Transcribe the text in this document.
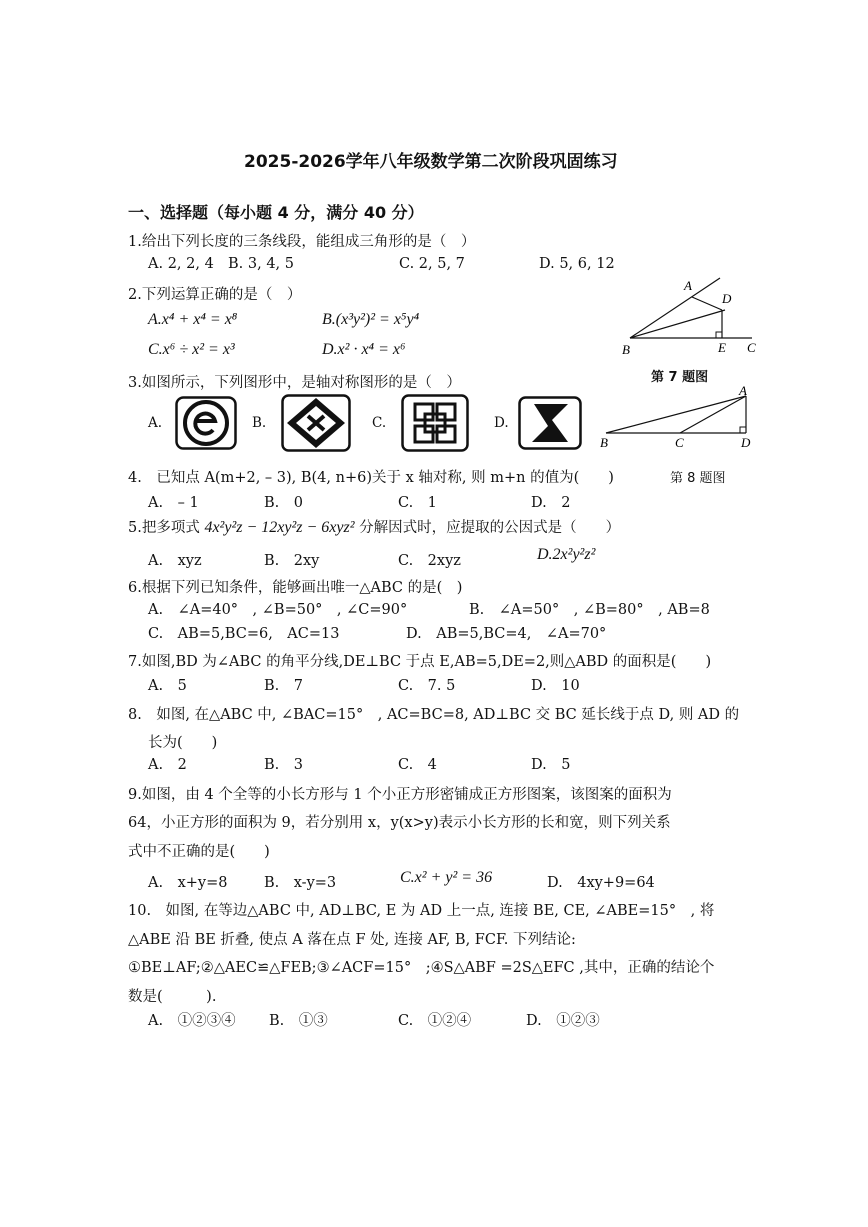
2025-2026学年八年级数学第二次阶段巩固练习
一、选择题（每小题 4 分，满分 40 分）
1.给出下列长度的三条线段，能组成三角形的是（　）
A. 2, 2, 4 B. 3, 4, 5	C. 2, 5, 7	D. 5, 6, 12
2.下列运算正确的是（　）
A.x⁴ + x⁴ = x⁸	B.(x³y²)² = x⁵y⁴
C.x⁶ ÷ x² = x³	D.x² · x⁴ = x⁶
A
D
B	E C
第 7 题图
3.如图所示，下列图形中，是轴对称图形的是（　）
A.	B.	C.	D.
A
B	C	D
4.　已知点 A(m+2, – 3), B(4, n+6)关于 x 轴对称, 则 m+n 的值为(　　)	第 8 题图
A.　– 1	B.　0	C.　1	D.　2
5.把多项式 4x²y²z − 12xy²z − 6xyz² 分解因式时，应提取的公因式是（　　）
A.　xyz	B.　2xy	C.　2xyz	D.2x²y²z²
6.根据下列已知条件，能够画出唯一△ABC 的是(　)
A.　∠A=40°　, ∠B=50°　, ∠C=90°	B.　∠A=50°　, ∠B=80°　, AB=8
C.　AB=5,BC=6,　AC=13	D.　AB=5,BC=4,　∠A=70°
7.如图,BD 为∠ABC 的角平分线,DE⊥BC 于点 E,AB=5,DE=2,则△ABD 的面积是(　　)
A.　5	B.　7	C.　7. 5	D.　10
8.　如图, 在△ABC 中, ∠BAC=15°　, AC=BC=8, AD⊥BC 交 BC 延长线于点 D, 则 AD 的
长为(　　)
A.　2	B.　3	C.　4	D.　5
9.如图，由 4 个全等的小长方形与 1 个小正方形密铺成正方形图案，该图案的面积为
64，小正方形的面积为 9，若分别用 x，y(x>y)表示小长方形的长和宽，则下列关系
式中不正确的是(　　)
A.　x+y=8	B.　x-y=3	C.x² + y² = 36	D.　4xy+9=64
10.　如图, 在等边△ABC 中, AD⊥BC, E 为 AD 上一点, 连接 BE, CE, ∠ABE=15°　, 将
△ABE 沿 BE 折叠, 使点 A 落在点 F 处, 连接 AF, B, FCF. 下列结论:
①BE⊥AF;②△AEC≌△FEB;③∠ACF=15°　;④S△ABF =2S△EFC ,其中，正确的结论个
数是(　　　).
A.　①②③④ B.　①③	C.　①②④	D.　①②③
